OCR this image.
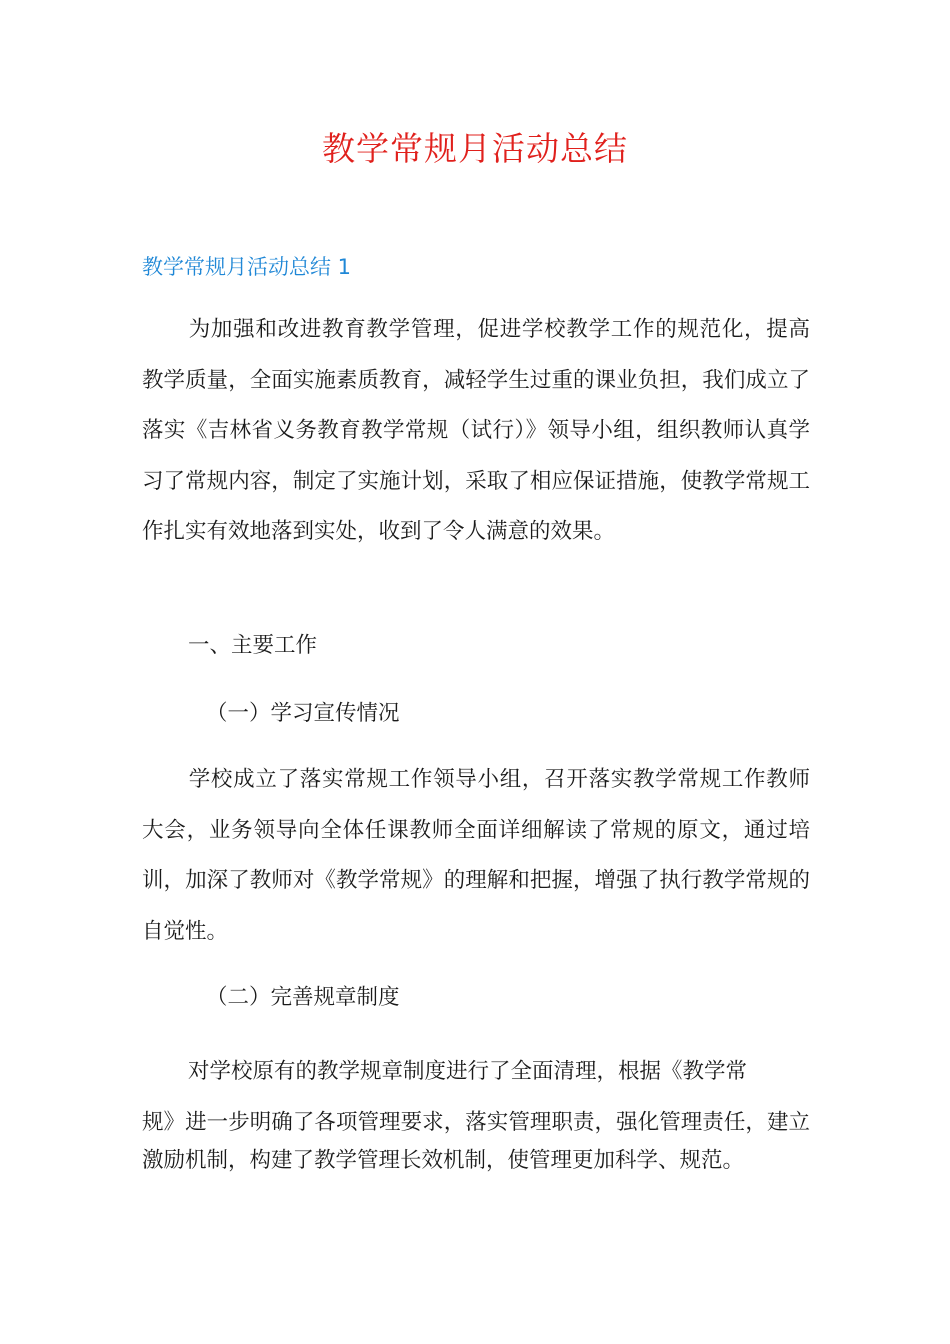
教学常规月活动总结
教学常规月活动总结 1

为加强和改进教育教学管理，促进学校教学工作的规范化，提高教学质量，全面实施素质教育，减轻学生过重的课业负担，我们成立了落实《吉林省义务教育教学常规（试行）》领导小组，组织教师认真学习了常规内容，制定了实施计划，采取了相应保证措施，使教学常规工作扎实有效地落到实处，收到了令人满意的效果。

一、主要工作

（一）学习宣传情况

学校成立了落实常规工作领导小组，召开落实教学常规工作教师大会，业务领导向全体任课教师全面详细解读了常规的原文，通过培训，加深了教师对《教学常规》的理解和把握，增强了执行教学常规的自觉性。

（二）完善规章制度

对学校原有的教学规章制度进行了全面清理，根据《教学常

规》进一步明确了各项管理要求，落实管理职责，强化管理责任，建立激励机制，构建了教学管理长效机制，使管理更加科学、规范。
